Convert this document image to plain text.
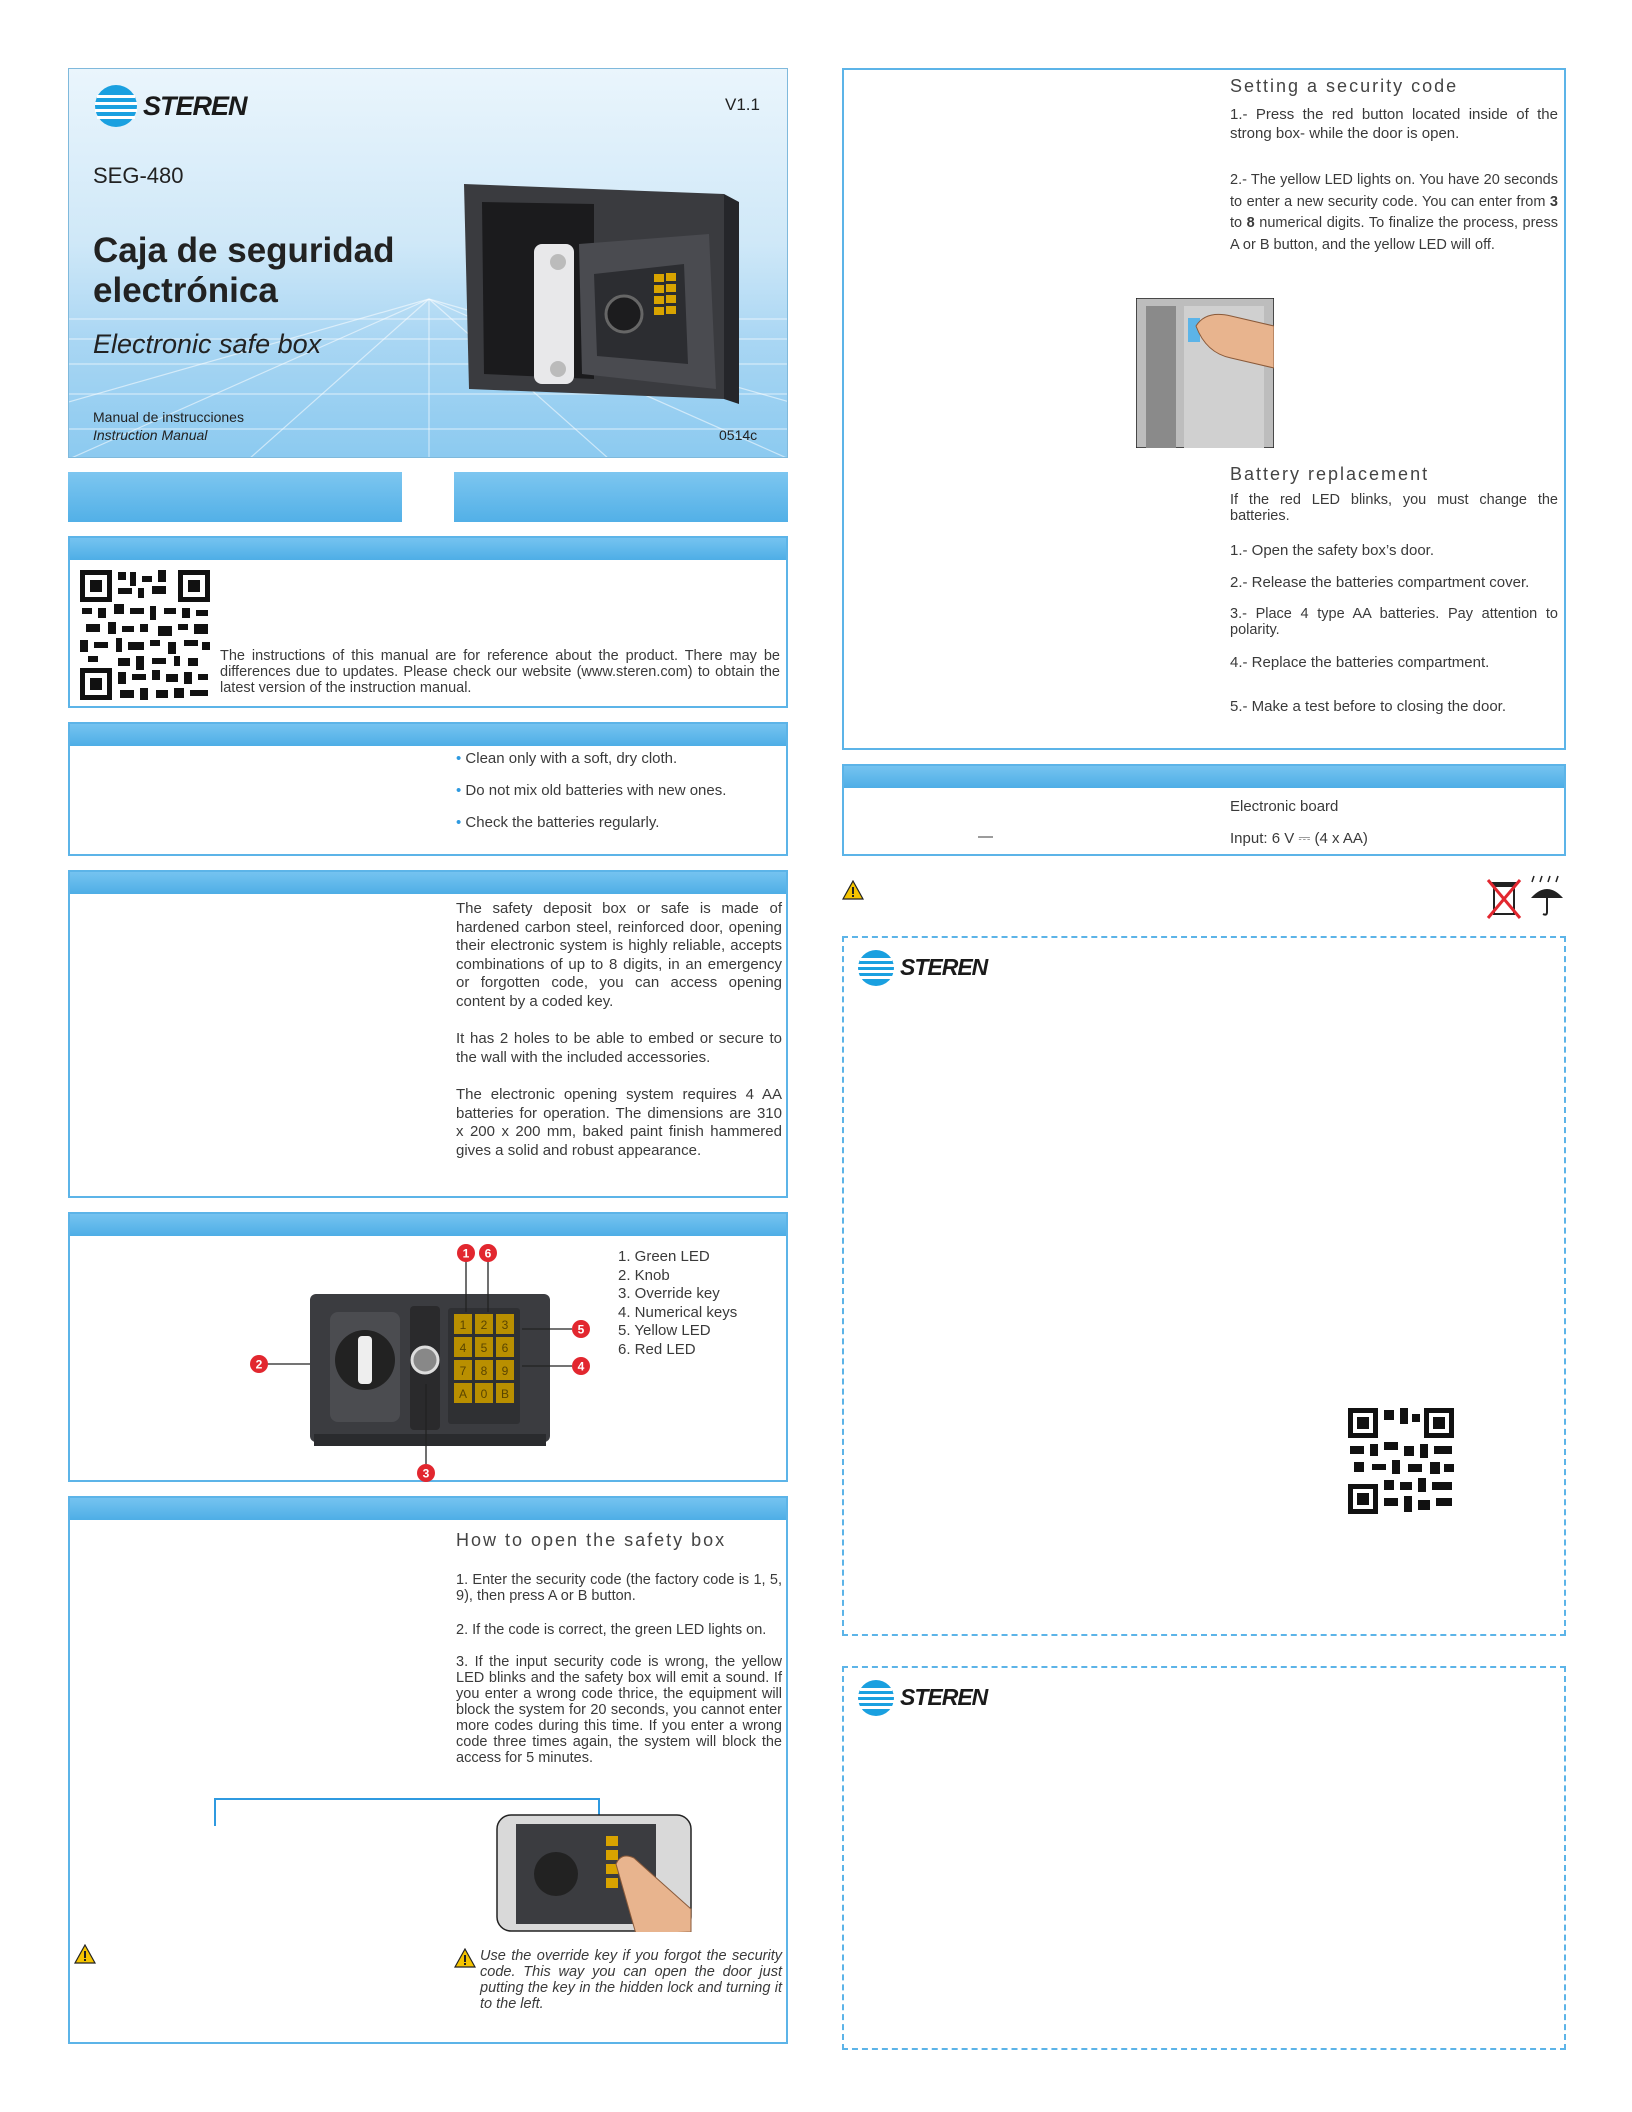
STEREN	V1.1
SEG-480
Caja de seguridad
electrónica
Electronic safe box
Manual de instrucciones
Instruction Manual	0514c

The instructions of this manual are for reference about the product. There may be differences due to updates. Please check our website (www.steren.com) to obtain the latest version of the instruction manual.

• Clean only with a soft, dry cloth.
• Do not mix old batteries with new ones.
• Check the batteries regularly.

The safety deposit box or safe is made of hardened carbon steel, reinforced door, opening their electronic system is highly reliable, accepts combinations of up to 8 digits, in an emergency or forgotten code, you can access opening content by a coded key.

It has 2 holes to be able to embed or secure to the wall with the included accessories.

The electronic opening system requires 4 AA batteries for operation. The dimensions are 310 x 200 x 200 mm, baked paint finish hammered gives a solid and robust appearance.

1 2 3
4 5 6
7 8 9
A 0 B
1 6
5
2	4
3
1. Green LED
2. Knob
3. Override key
4. Numerical keys
5. Yellow LED
6. Red LED
How to open the safety box

1. Enter the security code (the factory code is 1, 5, 9), then press A or B button.

2. If the code is correct, the green LED lights on.

3. If the input security code is wrong, the yellow LED blinks and the safety box will emit a sound. If you enter a wrong code thrice, the equipment will block the system for 20 seconds, you cannot enter more codes during this time. If you enter a wrong code three times again, the system will block the access for 5 minutes.

Use the override key if you forgot the security code. This way you can open the door just putting the key in the hidden lock and turning it to the left.

Setting a security code

1.- Press the red button located inside of the strong box- while the door is open.

2.- The yellow LED lights on. You have 20 seconds to enter a new security code. You can enter from 3 to 8 numerical digits. To finalize the process, press A or B button, and the yellow LED will off.

Battery replacement

If the red LED blinks, you must change the batteries.

1.- Open the safety box’s door.

2.- Release the batteries compartment cover.

3.- Place 4 type AA batteries. Pay attention to polarity.

4.- Replace the batteries compartment.

5.- Make a test before to closing the door.

Electronic board
—	Input: 6 V ⎓ (4 x AA)
STEREN
STEREN
